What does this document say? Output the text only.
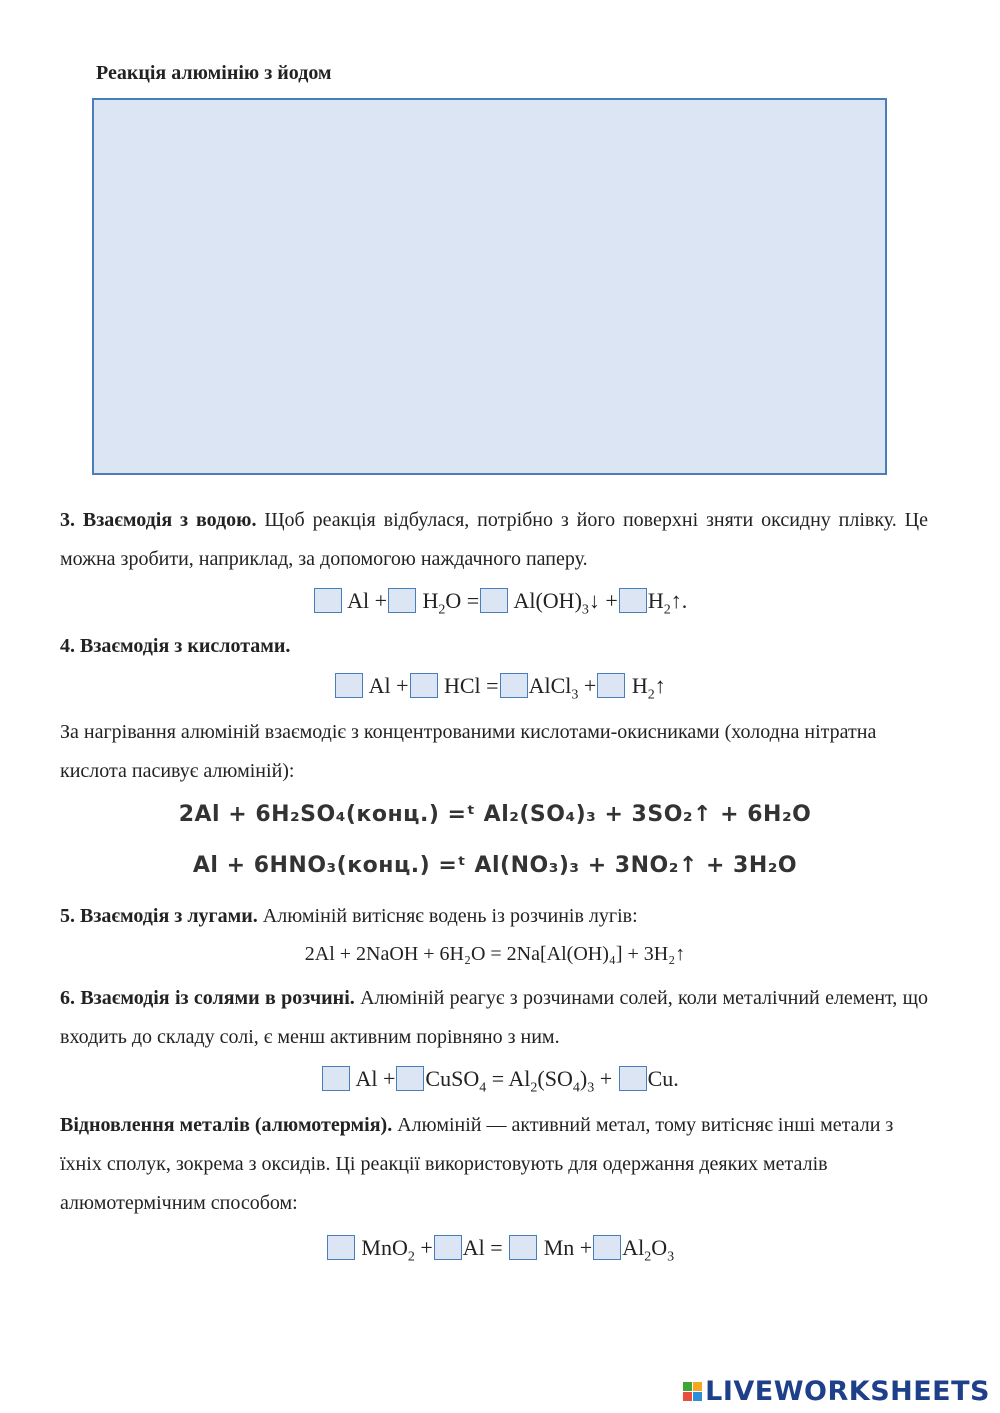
Реакція алюмінію з йодом
3. Взаємодія з водою. Щоб реакція відбулася, потрібно з його поверхні зняти оксидну плівку. Це можна зробити, наприклад, за допомогою наждачного паперу.
$Al + H_2O$ = $Al(OH)_3↓$ + $H_2↑$.
4. Взаємодія з кислотами.
Al + HCl = AlCl$_3$ + $H_2↑$
За нагрівання алюміній взаємодіє з концентрованими кислотами-окисниками (холодна нітратна кислота пасивує алюміній):
2Al + 6H₂SO₄(конц.) =ᵗ Al₂(SO₄)₃ + 3SO₂↑ + 6H₂O
Al + 6HNO₃(конц.) =ᵗ Al(NO₃)₃ + 3NO₂↑ + 3H₂O
5. Взаємодія з лугами. Алюміній витісняє водень із розчинів лугів:
2Al + 2NaOH + 6H₂O = 2Na[Al(OH)₄] + 3H₂↑
6. Взаємодія із солями в розчині. Алюміній реагує з розчинами солей, коли металічний елемент, що входить до складу солі, є менш активним порівняно з ним.
Al + CuSO$_4$ = $Al_2(SO_4)_3 + Cu$.
Відновлення металів (алюмотермія). Алюміній — активний метал, тому витісняє інші метали з їхніх сполук, зокрема з оксидів. Ці реакції використовують для одержання деяких металів алюмотермічним способом:
$MnO_2 + Al = Mn + Al_2O_3$
LIVEWORKSHEETS
